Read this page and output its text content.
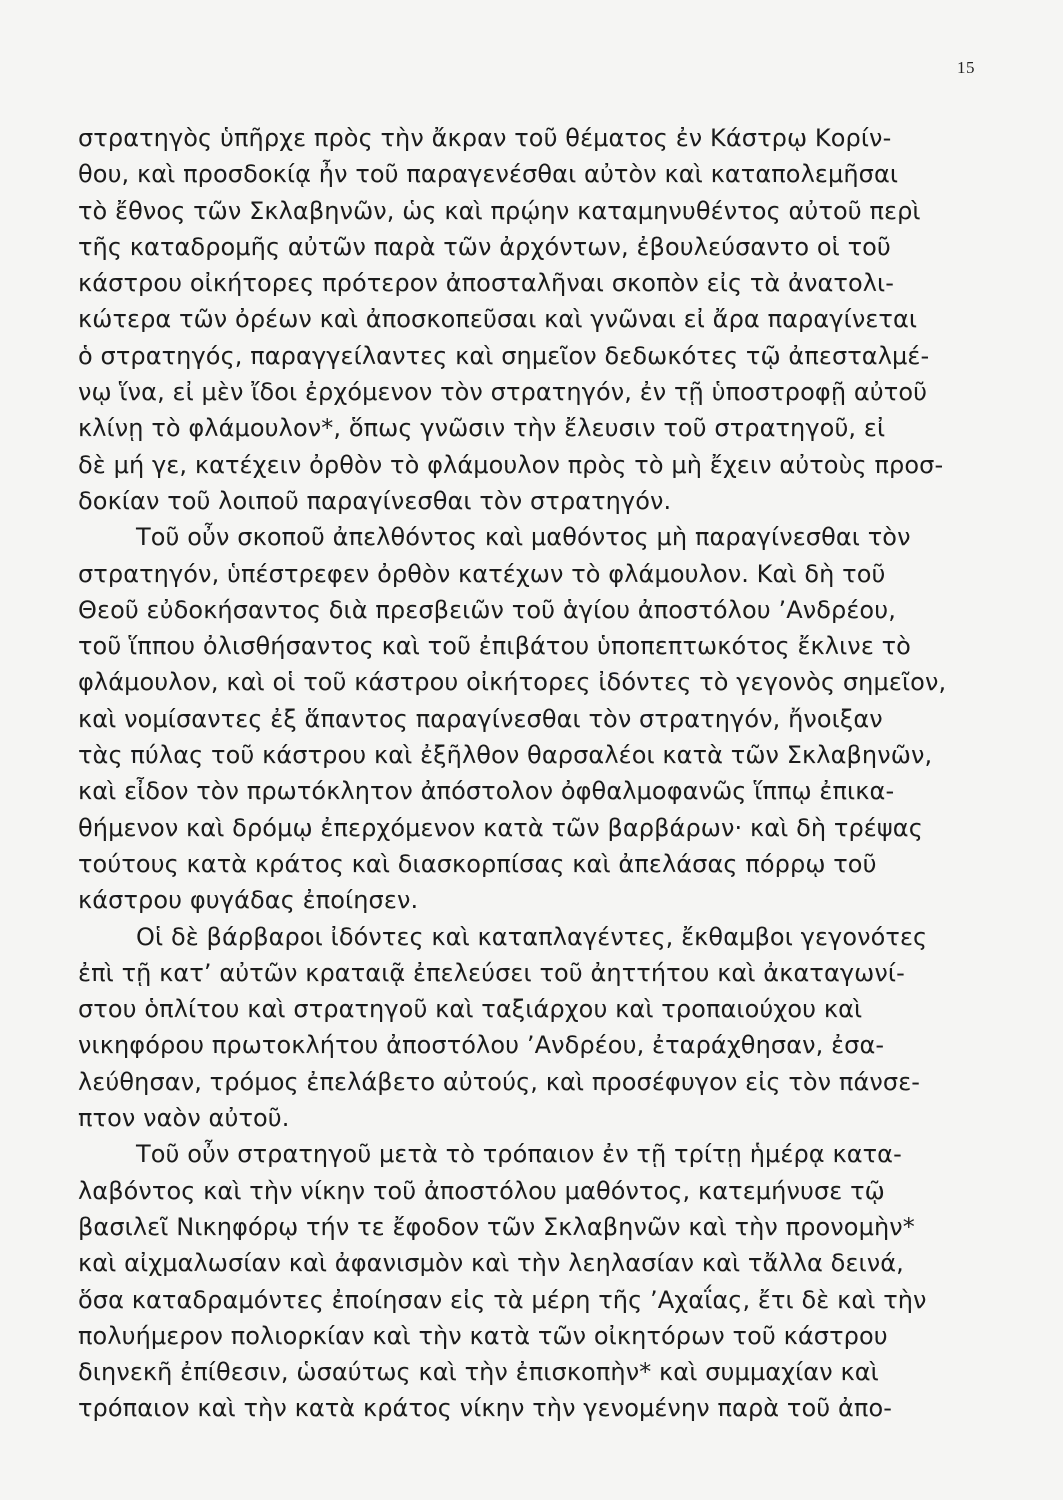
15
στρατηγὸς ὑπῆρχε πρὸς τὴν ἄκραν τοῦ θέματος ἐν Κάστρῳ Κορίν-
θου, καὶ προσδοκίᾳ ἦν τοῦ παραγενέσθαι αὐτὸν καὶ καταπολεμῆσαι
τὸ ἔθνος τῶν Σκλαβηνῶν, ὡς καὶ πρῴην καταμηνυθέντος αὐτοῦ περὶ
τῆς καταδρομῆς αὐτῶν παρὰ τῶν ἀρχόντων, ἐβουλεύσαντο οἱ τοῦ
κάστρου οἰκήτορες πρότερον ἀποσταλῆναι σκοπὸν εἰς τὰ ἀνατολι-
κώτερα τῶν ὀρέων καὶ ἀποσκοπεῦσαι καὶ γνῶναι εἰ ἄρα παραγίνεται
ὁ στρατηγός, παραγγείλαντες καὶ σημεῖον δεδωκότες τῷ ἀπεσταλμέ-
νῳ ἵνα, εἰ μὲν ἴδοι ἐρχόμενον τὸν στρατηγόν, ἐν τῇ ὑποστροφῇ αὐτοῦ
κλίνῃ τὸ φλάμουλον*, ὅπως γνῶσιν τὴν ἔλευσιν τοῦ στρατηγοῦ, εἰ
δὲ μή γε, κατέχειν ὀρθὸν τὸ φλάμουλον πρὸς τὸ μὴ ἔχειν αὐτοὺς προσ-
δοκίαν τοῦ λοιποῦ παραγίνεσθαι τὸν στρατηγόν.
Τοῦ οὖν σκοποῦ ἀπελθόντος καὶ μαθόντος μὴ παραγίνεσθαι τὸν
στρατηγόν, ὑπέστρεφεν ὀρθὸν κατέχων τὸ φλάμουλον. Καὶ δὴ τοῦ
Θεοῦ εὐδοκήσαντος διὰ πρεσβειῶν τοῦ ἁγίου ἀποστόλου ’Ανδρέου,
τοῦ ἵππου ὀλισθήσαντος καὶ τοῦ ἐπιβάτου ὑποπεπτωκότος ἔκλινε τὸ
φλάμουλον, καὶ οἱ τοῦ κάστρου οἰκήτορες ἰδόντες τὸ γεγονὸς σημεῖον,
καὶ νομίσαντες ἐξ ἅπαντος παραγίνεσθαι τὸν στρατηγόν, ἤνοιξαν
τὰς πύλας τοῦ κάστρου καὶ ἐξῆλθον θαρσαλέοι κατὰ τῶν Σκλαβηνῶν,
καὶ εἶδον τὸν πρωτόκλητον ἀπόστολον ὀφθαλμοφανῶς ἵππῳ ἐπικα-
θήμενον καὶ δρόμῳ ἐπερχόμενον κατὰ τῶν βαρβάρων· καὶ δὴ τρέψας
τούτους κατὰ κράτος καὶ διασκορπίσας καὶ ἀπελάσας πόρρῳ τοῦ
κάστρου φυγάδας ἐποίησεν.
Οἱ δὲ βάρβαροι ἰδόντες καὶ καταπλαγέντες, ἔκθαμβοι γεγονότες
ἐπὶ τῇ κατ’ αὐτῶν κραταιᾷ ἐπελεύσει τοῦ ἀηττήτου καὶ ἀκαταγωνί-
στου ὁπλίτου καὶ στρατηγοῦ καὶ ταξιάρχου καὶ τροπαιούχου καὶ
νικηφόρου πρωτοκλήτου ἀποστόλου ’Ανδρέου, ἐταράχθησαν, ἐσα-
λεύθησαν, τρόμος ἐπελάβετο αὐτούς, καὶ προσέφυγον εἰς τὸν πάνσε-
πτον ναὸν αὐτοῦ.
Τοῦ οὖν στρατηγοῦ μετὰ τὸ τρόπαιον ἐν τῇ τρίτῃ ἡμέρᾳ κατα-
λαβόντος καὶ τὴν νίκην τοῦ ἀποστόλου μαθόντος, κατεμήνυσε τῷ
βασιλεῖ Νικηφόρῳ τήν τε ἔφοδον τῶν Σκλαβηνῶν καὶ τὴν προνομὴν*
καὶ αἰχμαλωσίαν καὶ ἀφανισμὸν καὶ τὴν λεηλασίαν καὶ τἄλλα δεινά,
ὅσα καταδραμόντες ἐποίησαν εἰς τὰ μέρη τῆς ’Αχαΐας, ἔτι δὲ καὶ τὴν
πολυήμερον πολιορκίαν καὶ τὴν κατὰ τῶν οἰκητόρων τοῦ κάστρου
διηνεκῆ ἐπίθεσιν, ὡσαύτως καὶ τὴν ἐπισκοπὴν* καὶ συμμαχίαν καὶ
τρόπαιον καὶ τὴν κατὰ κράτος νίκην τὴν γενομένην παρὰ τοῦ ἀπο-
